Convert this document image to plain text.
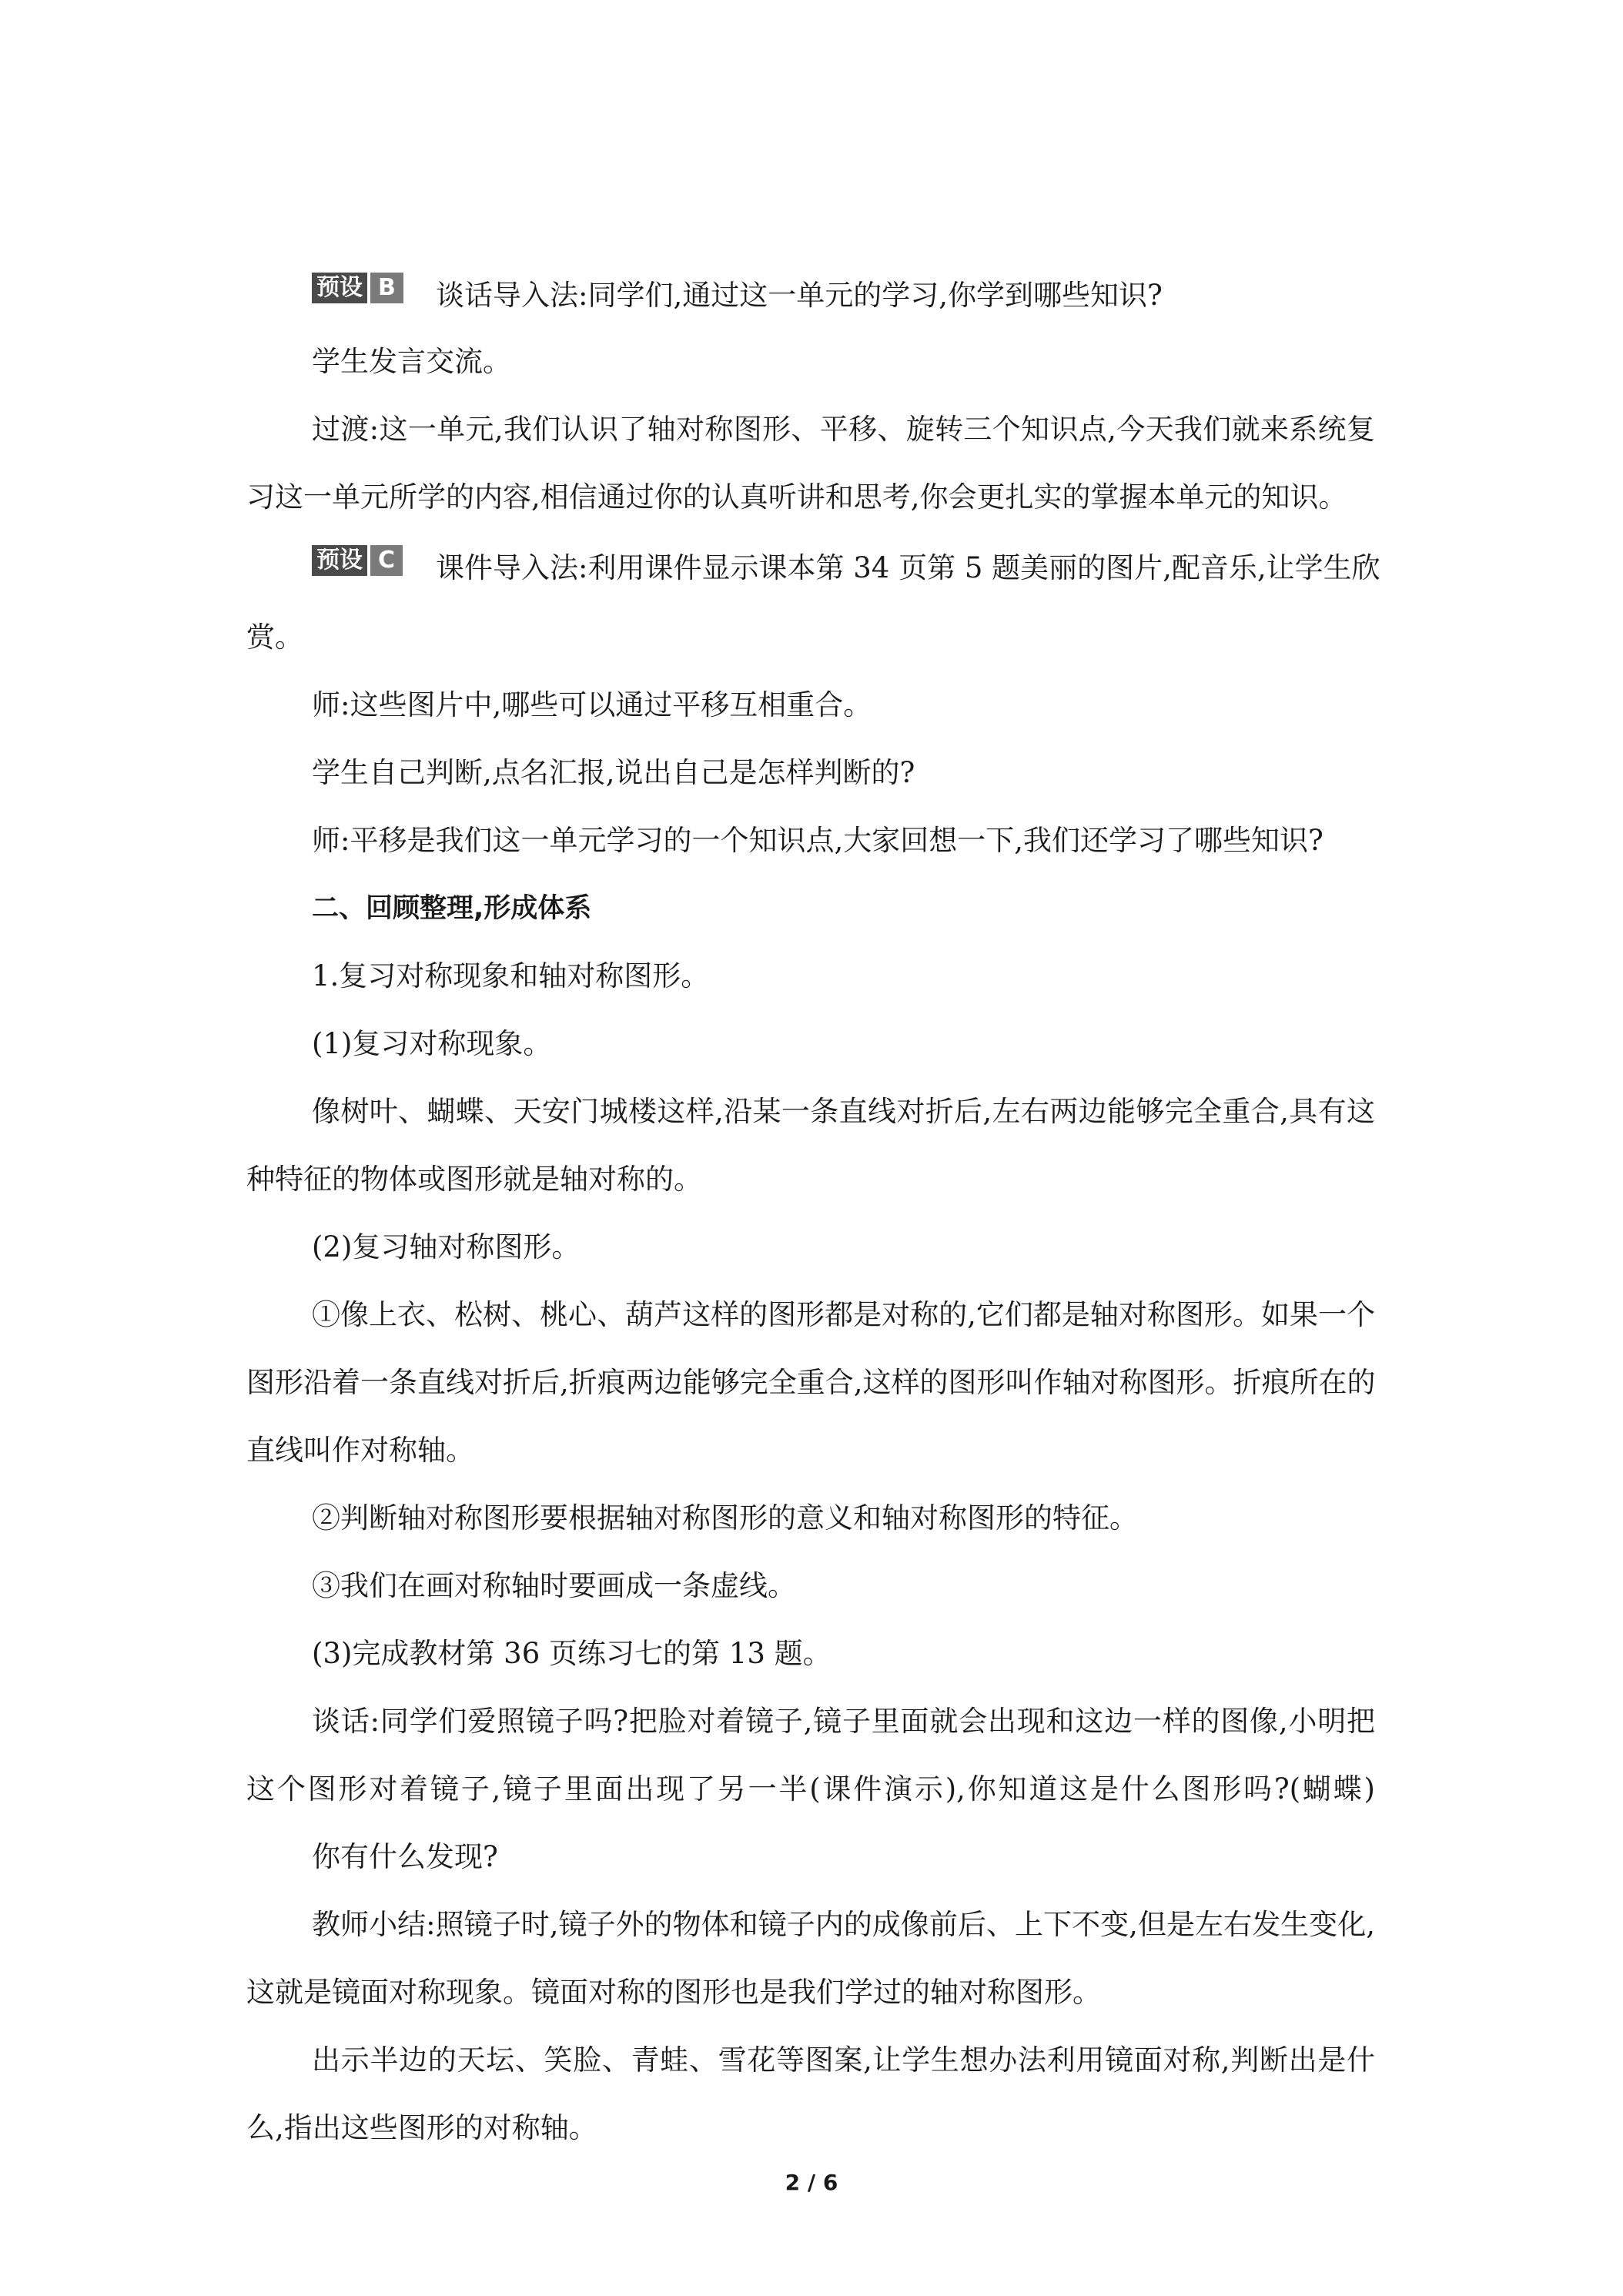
预设 B 谈话导入法:同学们,通过这一单元的学习,你学到哪些知识?
学生发言交流。
过渡:这一单元,我们认识了轴对称图形、平移、旋转三个知识点,今天我们就来系统复
习这一单元所学的内容,相信通过你的认真听讲和思考,你会更扎实的掌握本单元的知识。
预设 C 课件导入法:利用课件显示课本第 34 页第 5 题美丽的图片,配音乐,让学生欣
赏。
师:这些图片中,哪些可以通过平移互相重合。
学生自己判断,点名汇报,说出自己是怎样判断的?
师:平移是我们这一单元学习的一个知识点,大家回想一下,我们还学习了哪些知识?
二、回顾整理,形成体系
1.复习对称现象和轴对称图形。
(1)复习对称现象。
像树叶、蝴蝶、天安门城楼这样,沿某一条直线对折后,左右两边能够完全重合,具有这
种特征的物体或图形就是轴对称的。
(2)复习轴对称图形。
①像上衣、松树、桃心、葫芦这样的图形都是对称的,它们都是轴对称图形。如果一个
图形沿着一条直线对折后,折痕两边能够完全重合,这样的图形叫作轴对称图形。折痕所在的
直线叫作对称轴。
②判断轴对称图形要根据轴对称图形的意义和轴对称图形的特征。
③我们在画对称轴时要画成一条虚线。
(3)完成教材第 36 页练习七的第 13 题。
谈话:同学们爱照镜子吗?把脸对着镜子,镜子里面就会出现和这边一样的图像,小明把
这个图形对着镜子,镜子里面出现了另一半(课件演示),你知道这是什么图形吗?(蝴蝶)
你有什么发现?
教师小结:照镜子时,镜子外的物体和镜子内的成像前后、上下不变,但是左右发生变化,
这就是镜面对称现象。镜面对称的图形也是我们学过的轴对称图形。
出示半边的天坛、笑脸、青蛙、雪花等图案,让学生想办法利用镜面对称,判断出是什
么,指出这些图形的对称轴。
2 / 6
